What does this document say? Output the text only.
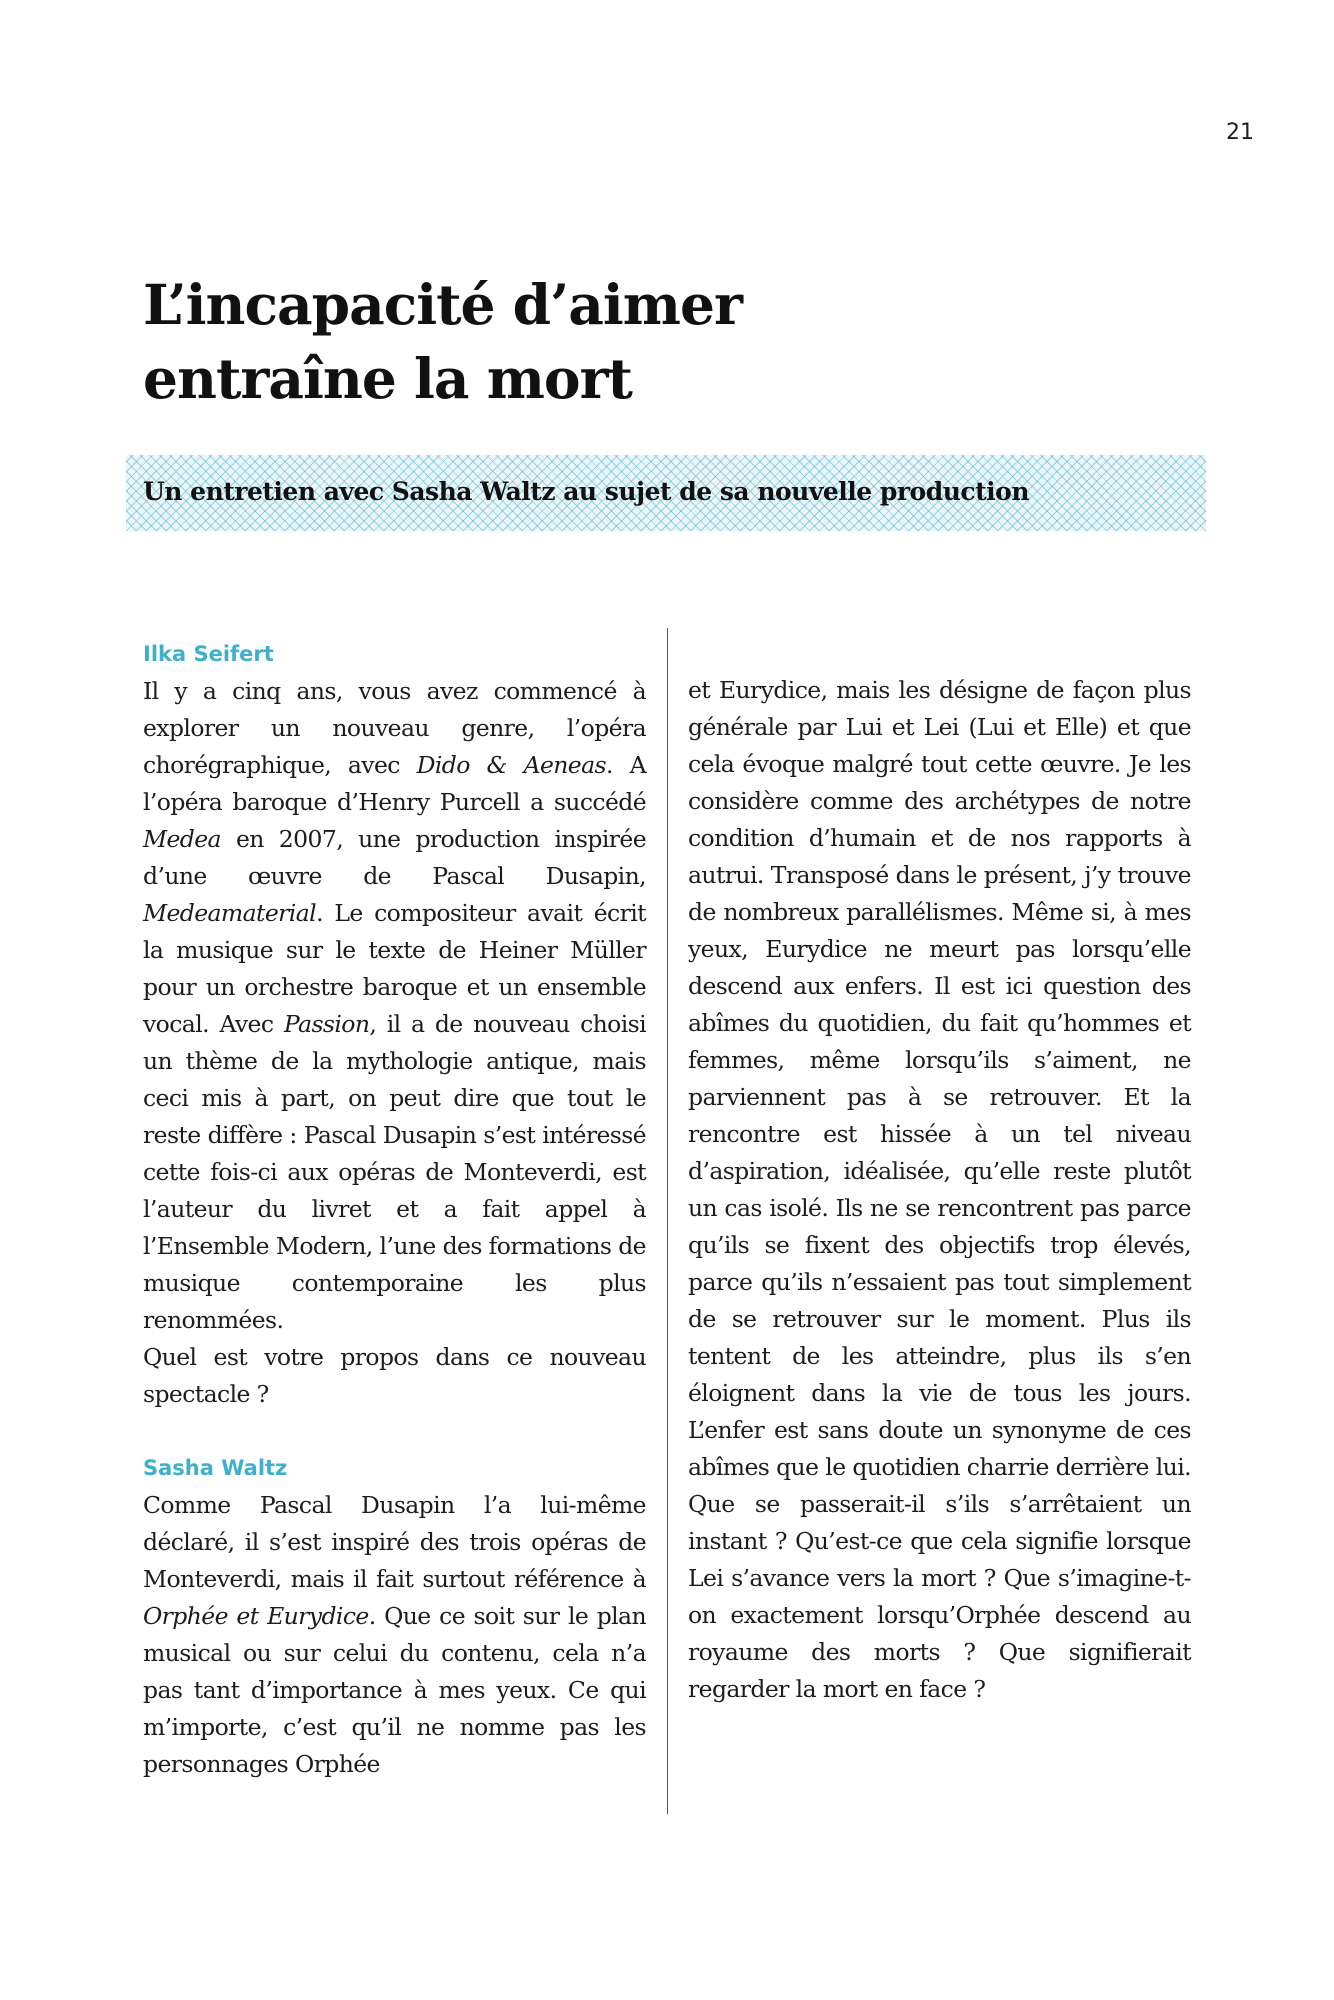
21
L’incapacité d’aimer
entraîne la mort

Un entretien avec Sasha Waltz au sujet de sa nouvelle production

Ilka Seifert

Il y a cinq ans, vous avez commencé à explorer un nouveau genre, l’opéra chorégraphique, avec Dido & Aeneas. A l’opéra baroque d’Henry Purcell a succédé Medea en 2007, une production inspirée d’une œuvre de Pascal Dusapin, Medeamaterial. Le compositeur avait écrit la musique sur le texte de Heiner Müller pour un orchestre baroque et un ensemble vocal. Avec Passion, il a de nouveau choisi un thème de la mythologie antique, mais ceci mis à part, on peut dire que tout le reste diffère : Pascal Dusapin s’est intéressé cette fois-ci aux opéras de Monteverdi, est l’auteur du livret et a fait appel à l’Ensemble Modern, l’une des formations de musique contemporaine les plus renommées.

Quel est votre propos dans ce nouveau spectacle ?

Sasha Waltz

Comme Pascal Dusapin l’a lui-même déclaré, il s’est inspiré des trois opéras de Monteverdi, mais il fait surtout référence à Orphée et Eurydice. Que ce soit sur le plan musical ou sur celui du contenu, cela n’a pas tant d’importance à mes yeux. Ce qui m’importe, c’est qu’il ne nomme pas les personnages Orphée

et Eurydice, mais les désigne de façon plus générale par Lui et Lei (Lui et Elle) et que cela évoque malgré tout cette œuvre. Je les considère comme des archétypes de notre condition d’humain et de nos rapports à autrui. Transposé dans le présent, j’y trouve de nombreux parallélismes. Même si, à mes yeux, Eurydice ne meurt pas lorsqu’elle descend aux enfers. Il est ici question des abîmes du quotidien, du fait qu’hommes et femmes, même lorsqu’ils s’aiment, ne parviennent pas à se retrouver. Et la rencontre est hissée à un tel niveau d’aspiration, idéalisée, qu’elle reste plutôt un cas isolé. Ils ne se rencontrent pas parce qu’ils se fixent des objectifs trop élevés, parce qu’ils n’essaient pas tout simplement de se retrouver sur le moment. Plus ils tentent de les atteindre, plus ils s’en éloignent dans la vie de tous les jours. L’enfer est sans doute un synonyme de ces abîmes que le quotidien charrie derrière lui. Que se passerait-il s’ils s’arrêtaient un instant ? Qu’est-ce que cela signifie lorsque Lei s’avance vers la mort ? Que s’imagine-t-on exactement lorsqu’Orphée descend au royaume des morts ? Que signifierait regarder la mort en face ?
